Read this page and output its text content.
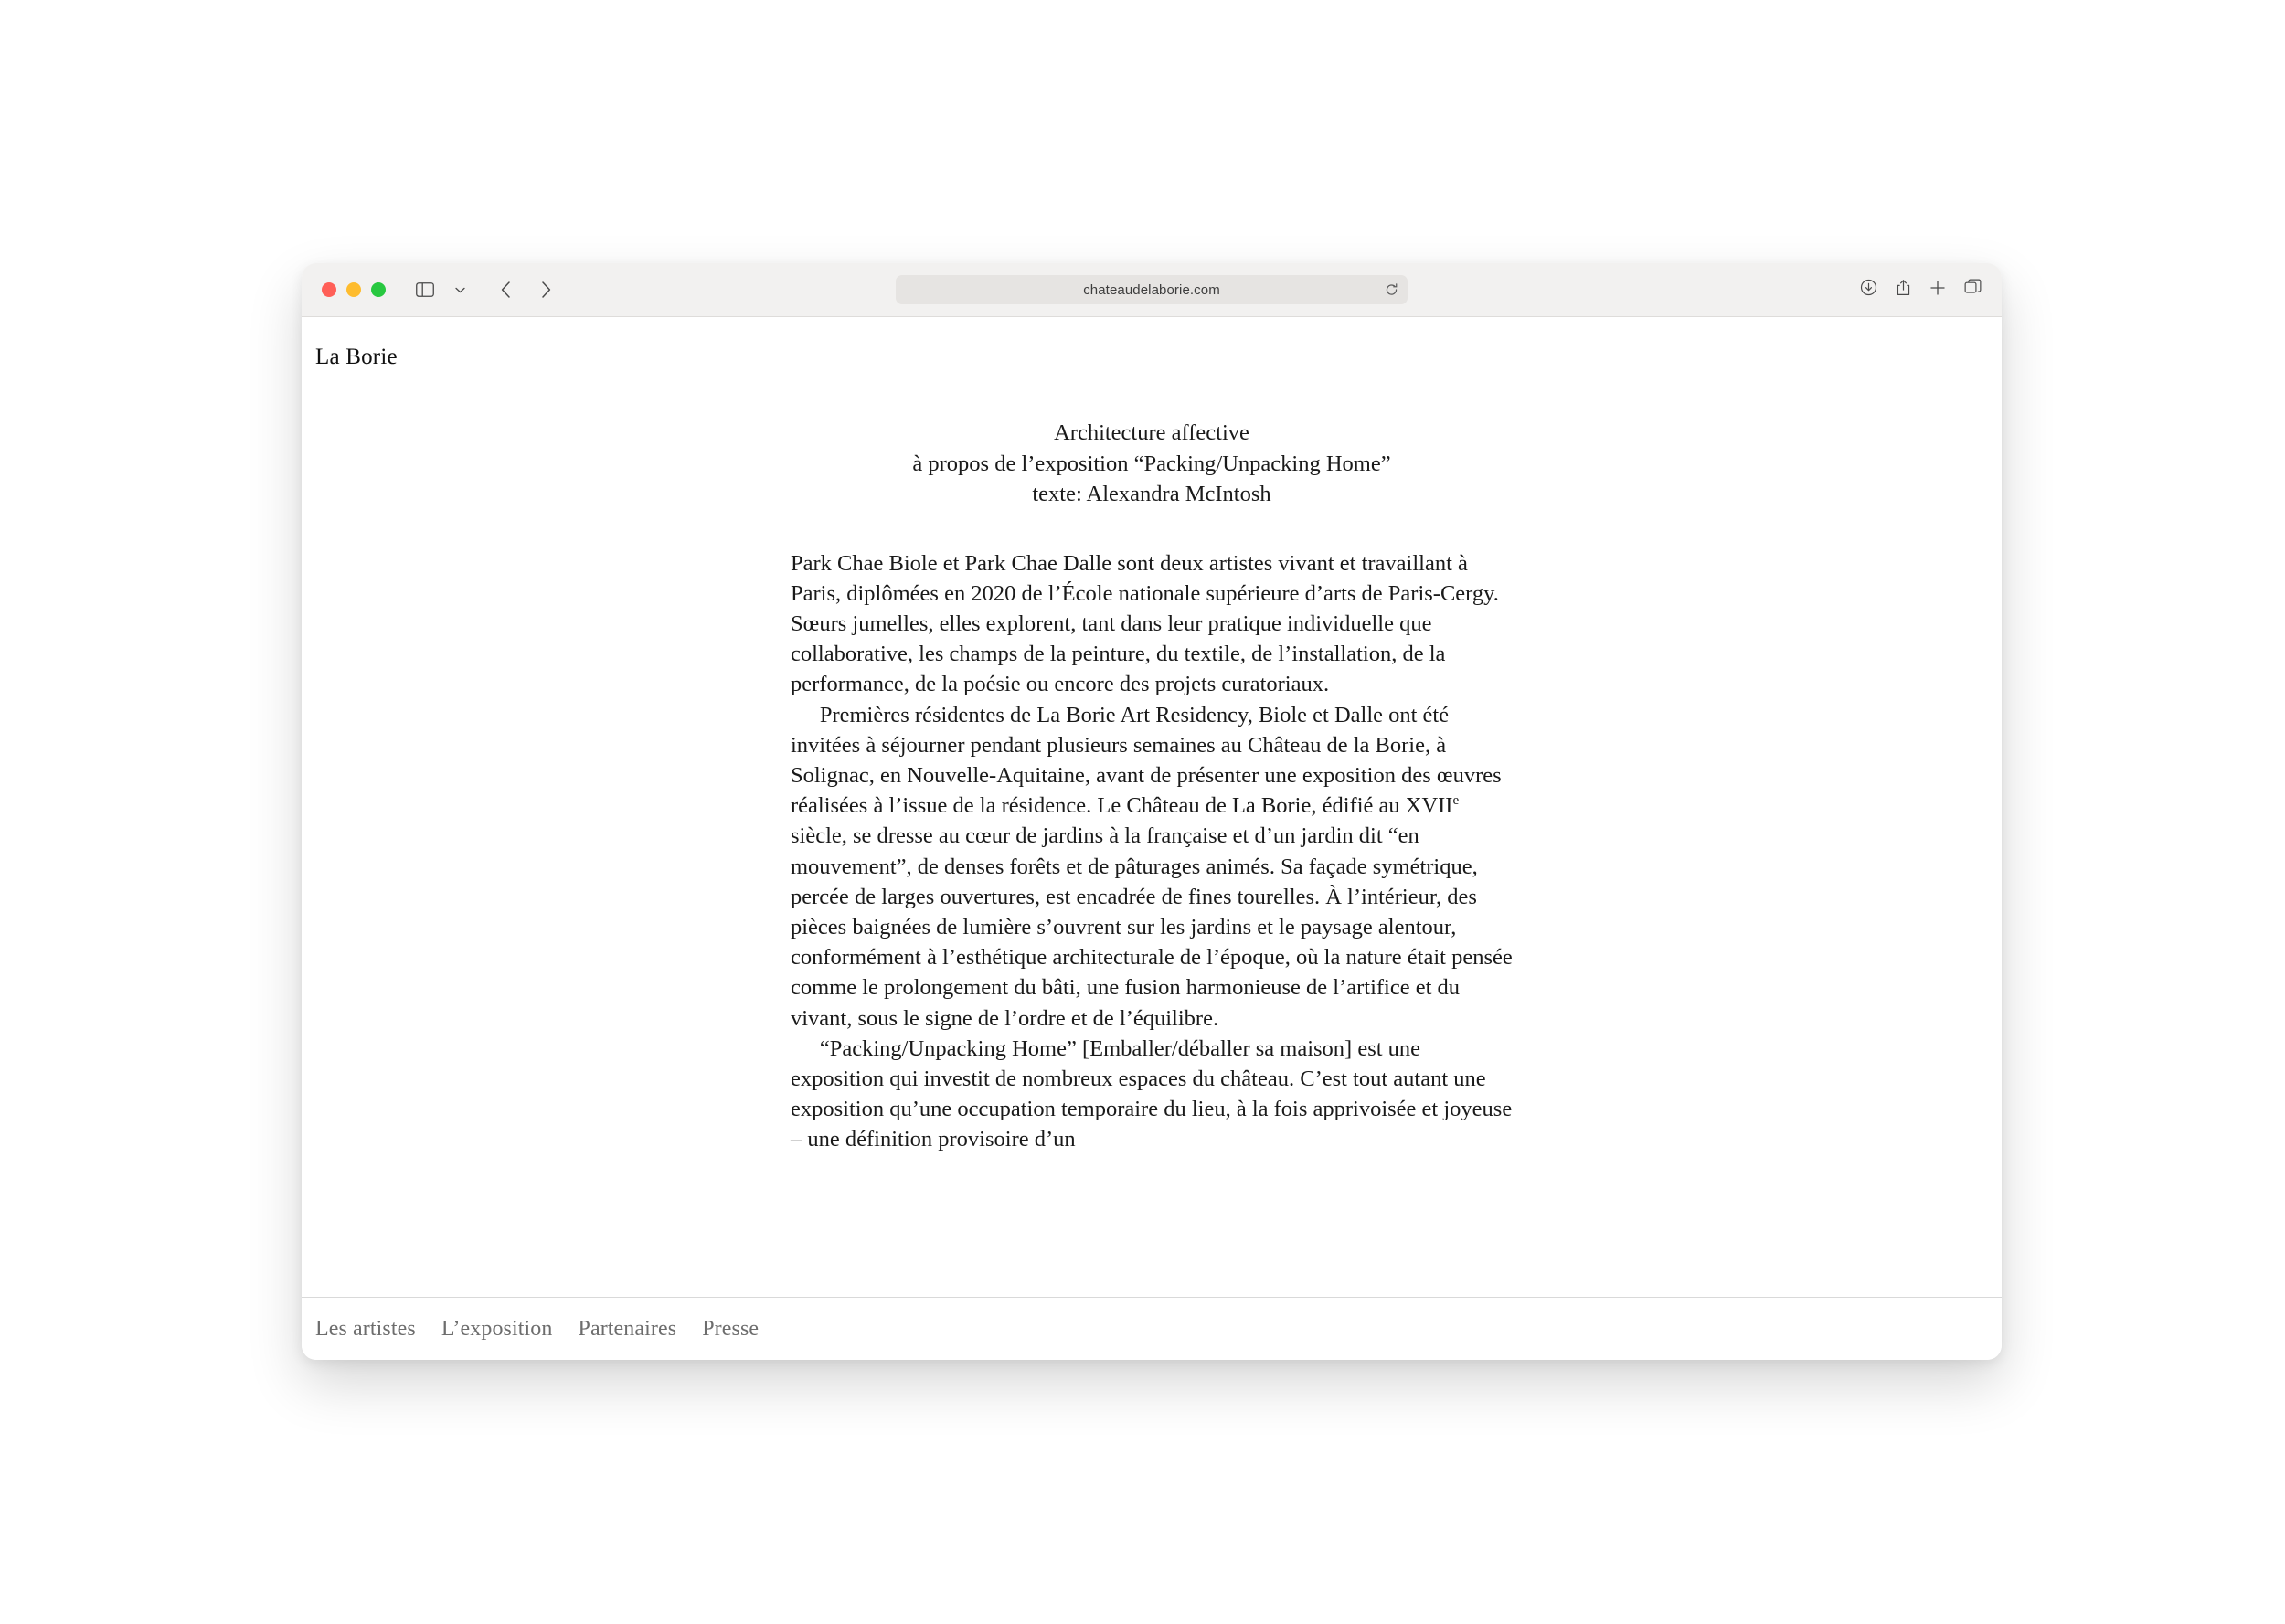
chateaudelaborie.com
La Borie
Architecture affective
à propos de l’exposition “Packing/Unpacking Home”
texte: Alexandra McIntosh

Park Chae Biole et Park Chae Dalle sont deux artistes vivant et travaillant à Paris, diplômées en 2020 de l’École nationale supérieure d’arts de Paris-Cergy. Sœurs jumelles, elles explorent, tant dans leur pratique individuelle que collaborative, les champs de la peinture, du textile, de l’installation, de la performance, de la poésie ou encore des projets curatoriaux.

Premières résidentes de La Borie Art Residency, Biole et Dalle ont été invitées à séjourner pendant plusieurs semaines au Château de la Borie, à Solignac, en Nouvelle-Aquitaine, avant de présenter une exposition des œuvres réalisées à l’issue de la résidence. Le Château de La Borie, édifié au XVIIe siècle, se dresse au cœur de jardins à la française et d’un jardin dit “en mouvement”, de denses forêts et de pâturages animés. Sa façade symétrique, percée de larges ouvertures, est encadrée de fines tourelles. À l’intérieur, des pièces baignées de lumière s’ouvrent sur les jardins et le paysage alentour, conformément à l’esthétique architecturale de l’époque, où la nature était pensée comme le prolongement du bâti, une fusion harmonieuse de l’artifice et du vivant, sous le signe de l’ordre et de l’équilibre.

“Packing/Unpacking Home” [Emballer/déballer sa maison] est une exposition qui investit de nombreux espaces du château. C’est tout autant une exposition qu’une occupation temporaire du lieu, à la fois apprivoisée et joyeuse – une définition provisoire d’un

Les artistes L’exposition Partenaires Presse
